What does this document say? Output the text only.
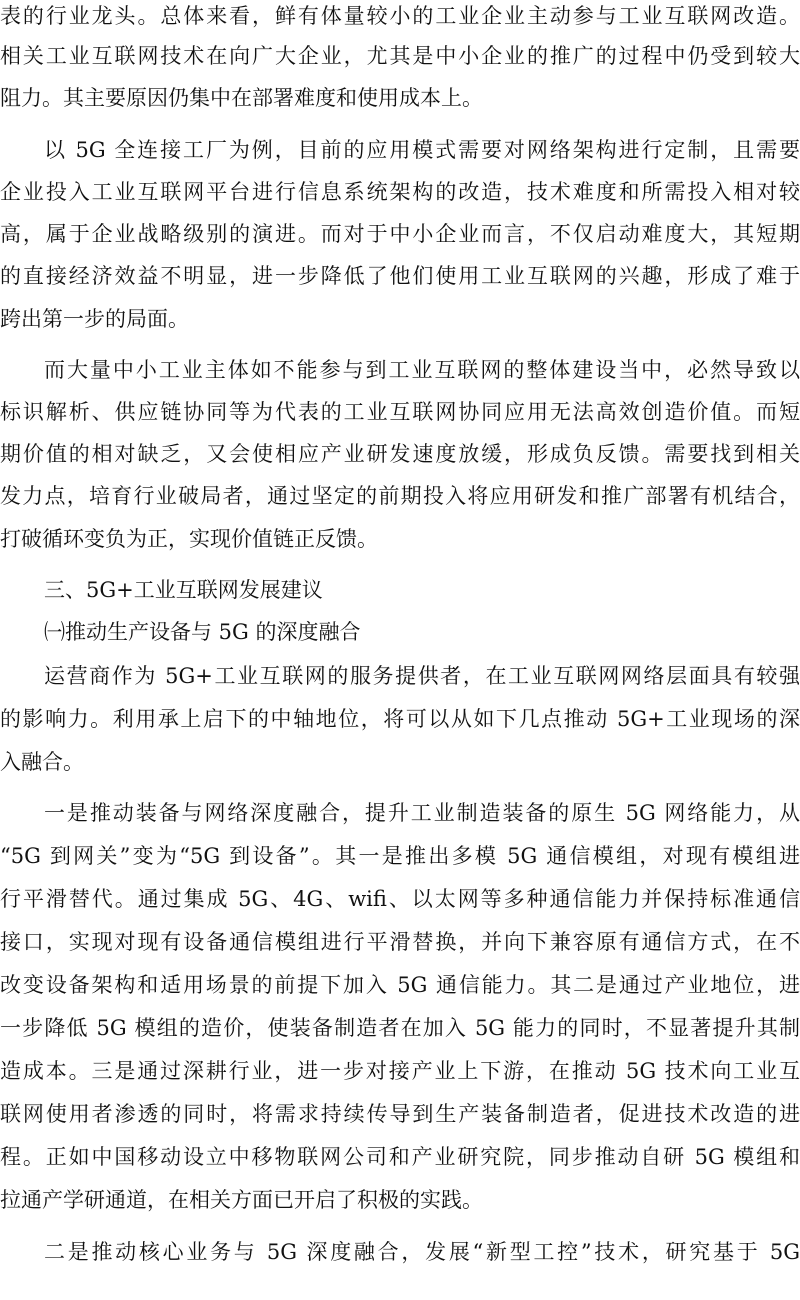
表的行业龙头。总体来看，鲜有体量较小的工业企业主动参与工业互联网改造。
相关工业互联网技术在向广大企业，尤其是中小企业的推广的过程中仍受到较大
阻力。其主要原因仍集中在部署难度和使用成本上。
以 5G 全连接工厂为例，目前的应用模式需要对网络架构进行定制，且需要
企业投入工业互联网平台进行信息系统架构的改造，技术难度和所需投入相对较
高，属于企业战略级别的演进。而对于中小企业而言，不仅启动难度大，其短期
的直接经济效益不明显，进一步降低了他们使用工业互联网的兴趣，形成了难于
跨出第一步的局面。
而大量中小工业主体如不能参与到工业互联网的整体建设当中，必然导致以
标识解析、供应链协同等为代表的工业互联网协同应用无法高效创造价值。而短
期价值的相对缺乏，又会使相应产业研发速度放缓，形成负反馈。需要找到相关
发力点，培育行业破局者，通过坚定的前期投入将应用研发和推广部署有机结合，
打破循环变负为正，实现价值链正反馈。
三、5G+工业互联网发展建议
㈠推动生产设备与 5G 的深度融合
运营商作为 5G+工业互联网的服务提供者，在工业互联网网络层面具有较强
的影响力。利用承上启下的中轴地位，将可以从如下几点推动 5G+工业现场的深
入融合。
一是推动装备与网络深度融合，提升工业制造装备的原生 5G 网络能力，从
“5G 到网关”变为“5G 到设备”。其一是推出多模 5G 通信模组，对现有模组进
行平滑替代。通过集成 5G、4G、wifi、以太网等多种通信能力并保持标准通信
接口，实现对现有设备通信模组进行平滑替换，并向下兼容原有通信方式，在不
改变设备架构和适用场景的前提下加入 5G 通信能力。其二是通过产业地位，进
一步降低 5G 模组的造价，使装备制造者在加入 5G 能力的同时，不显著提升其制
造成本。三是通过深耕行业，进一步对接产业上下游，在推动 5G 技术向工业互
联网使用者渗透的同时，将需求持续传导到生产装备制造者，促进技术改造的进
程。正如中国移动设立中移物联网公司和产业研究院，同步推动自研 5G 模组和
拉通产学研通道，在相关方面已开启了积极的实践。
二是推动核心业务与 5G 深度融合，发展“新型工控”技术，研究基于 5G
